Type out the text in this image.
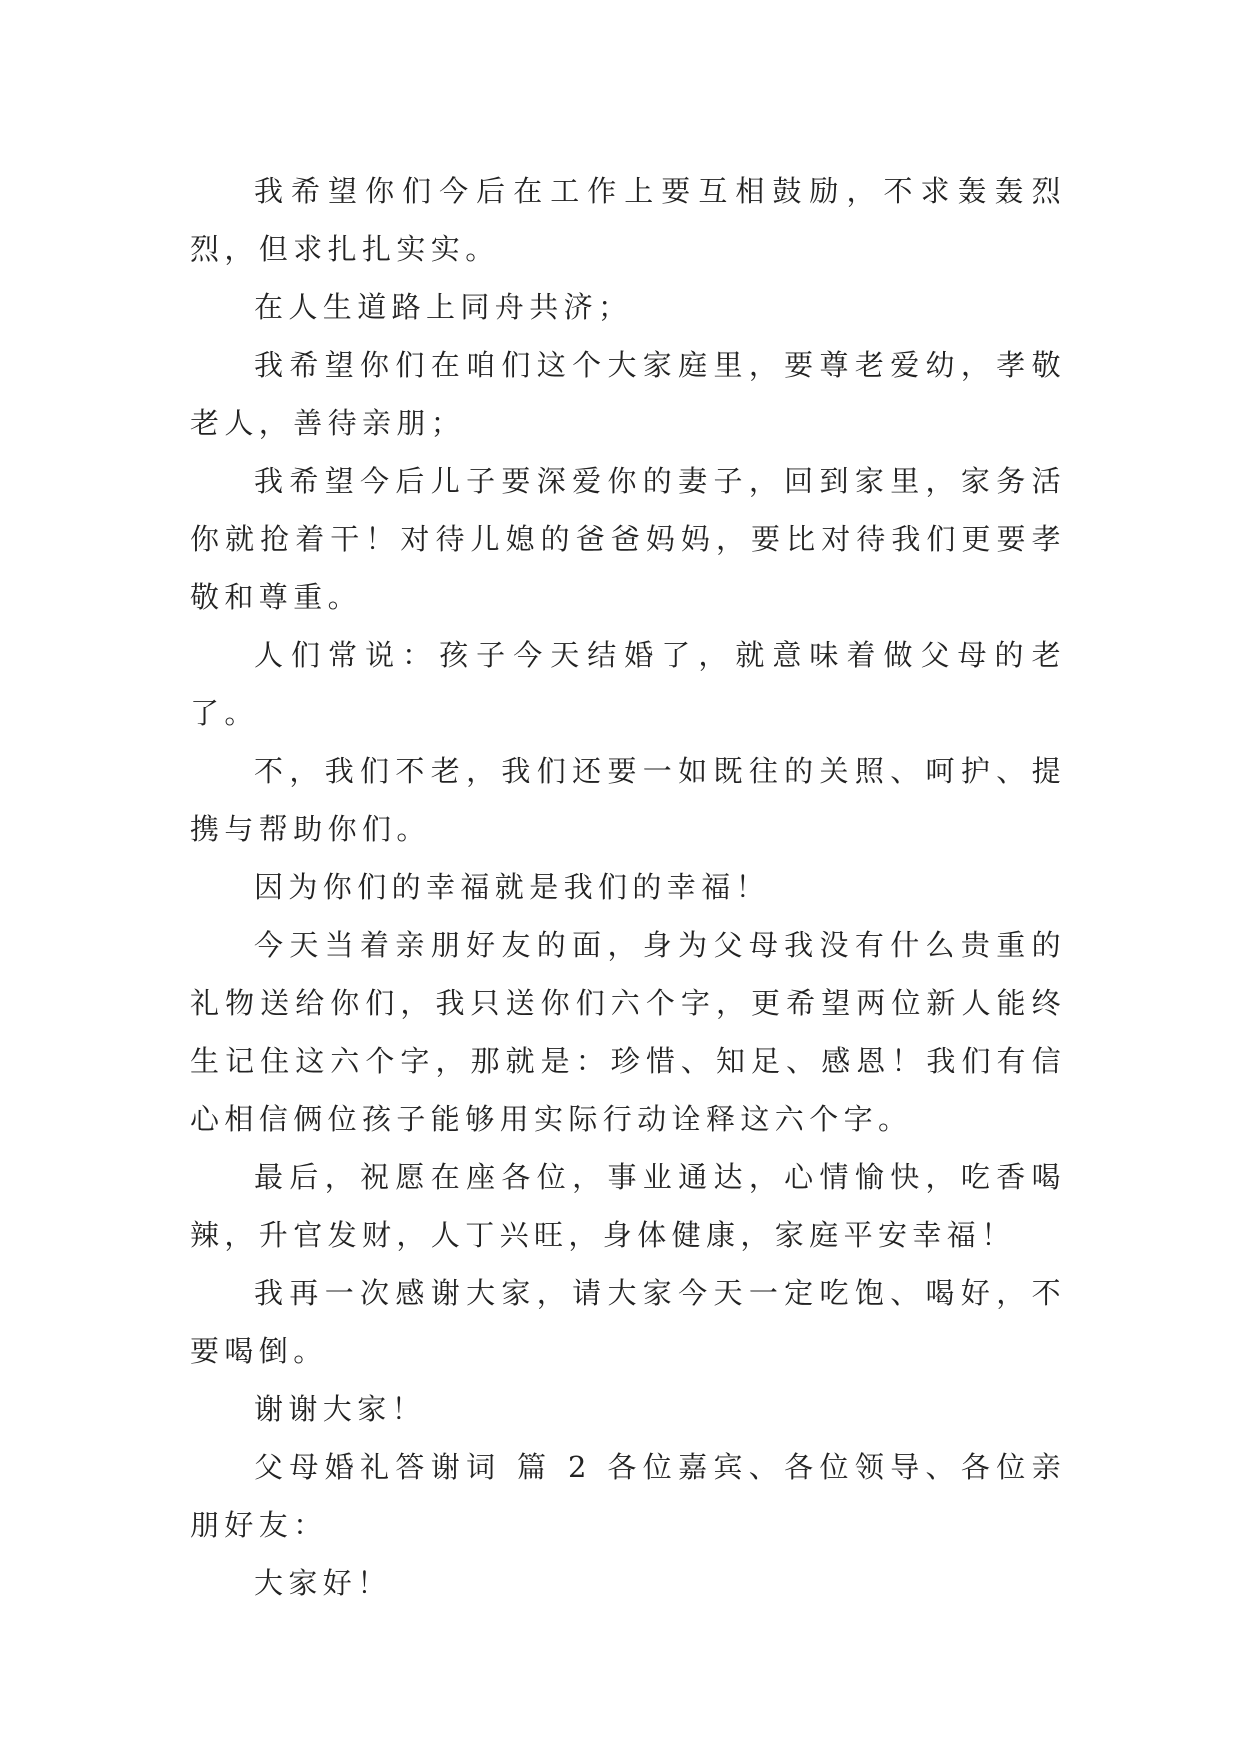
我希望你们今后在工作上要互相鼓励，不求轰轰烈烈，但求扎扎实实。

在人生道路上同舟共济；

我希望你们在咱们这个大家庭里，要尊老爱幼，孝敬老人，善待亲朋；

我希望今后儿子要深爱你的妻子，回到家里，家务活你就抢着干！对待儿媳的爸爸妈妈，要比对待我们更要孝敬和尊重。

人们常说：孩子今天结婚了，就意味着做父母的老了。

不，我们不老，我们还要一如既往的关照、呵护、提携与帮助你们。

因为你们的幸福就是我们的幸福！

今天当着亲朋好友的面，身为父母我没有什么贵重的礼物送给你们，我只送你们六个字，更希望两位新人能终生记住这六个字，那就是：珍惜、知足、感恩！我们有信心相信俩位孩子能够用实际行动诠释这六个字。

最后，祝愿在座各位，事业通达，心情愉快，吃香喝辣，升官发财，人丁兴旺，身体健康，家庭平安幸福！

我再一次感谢大家，请大家今天一定吃饱、喝好，不要喝倒。

谢谢大家！

父母婚礼答谢词 篇 2 各位嘉宾、各位领导、各位亲朋好友：

大家好！
